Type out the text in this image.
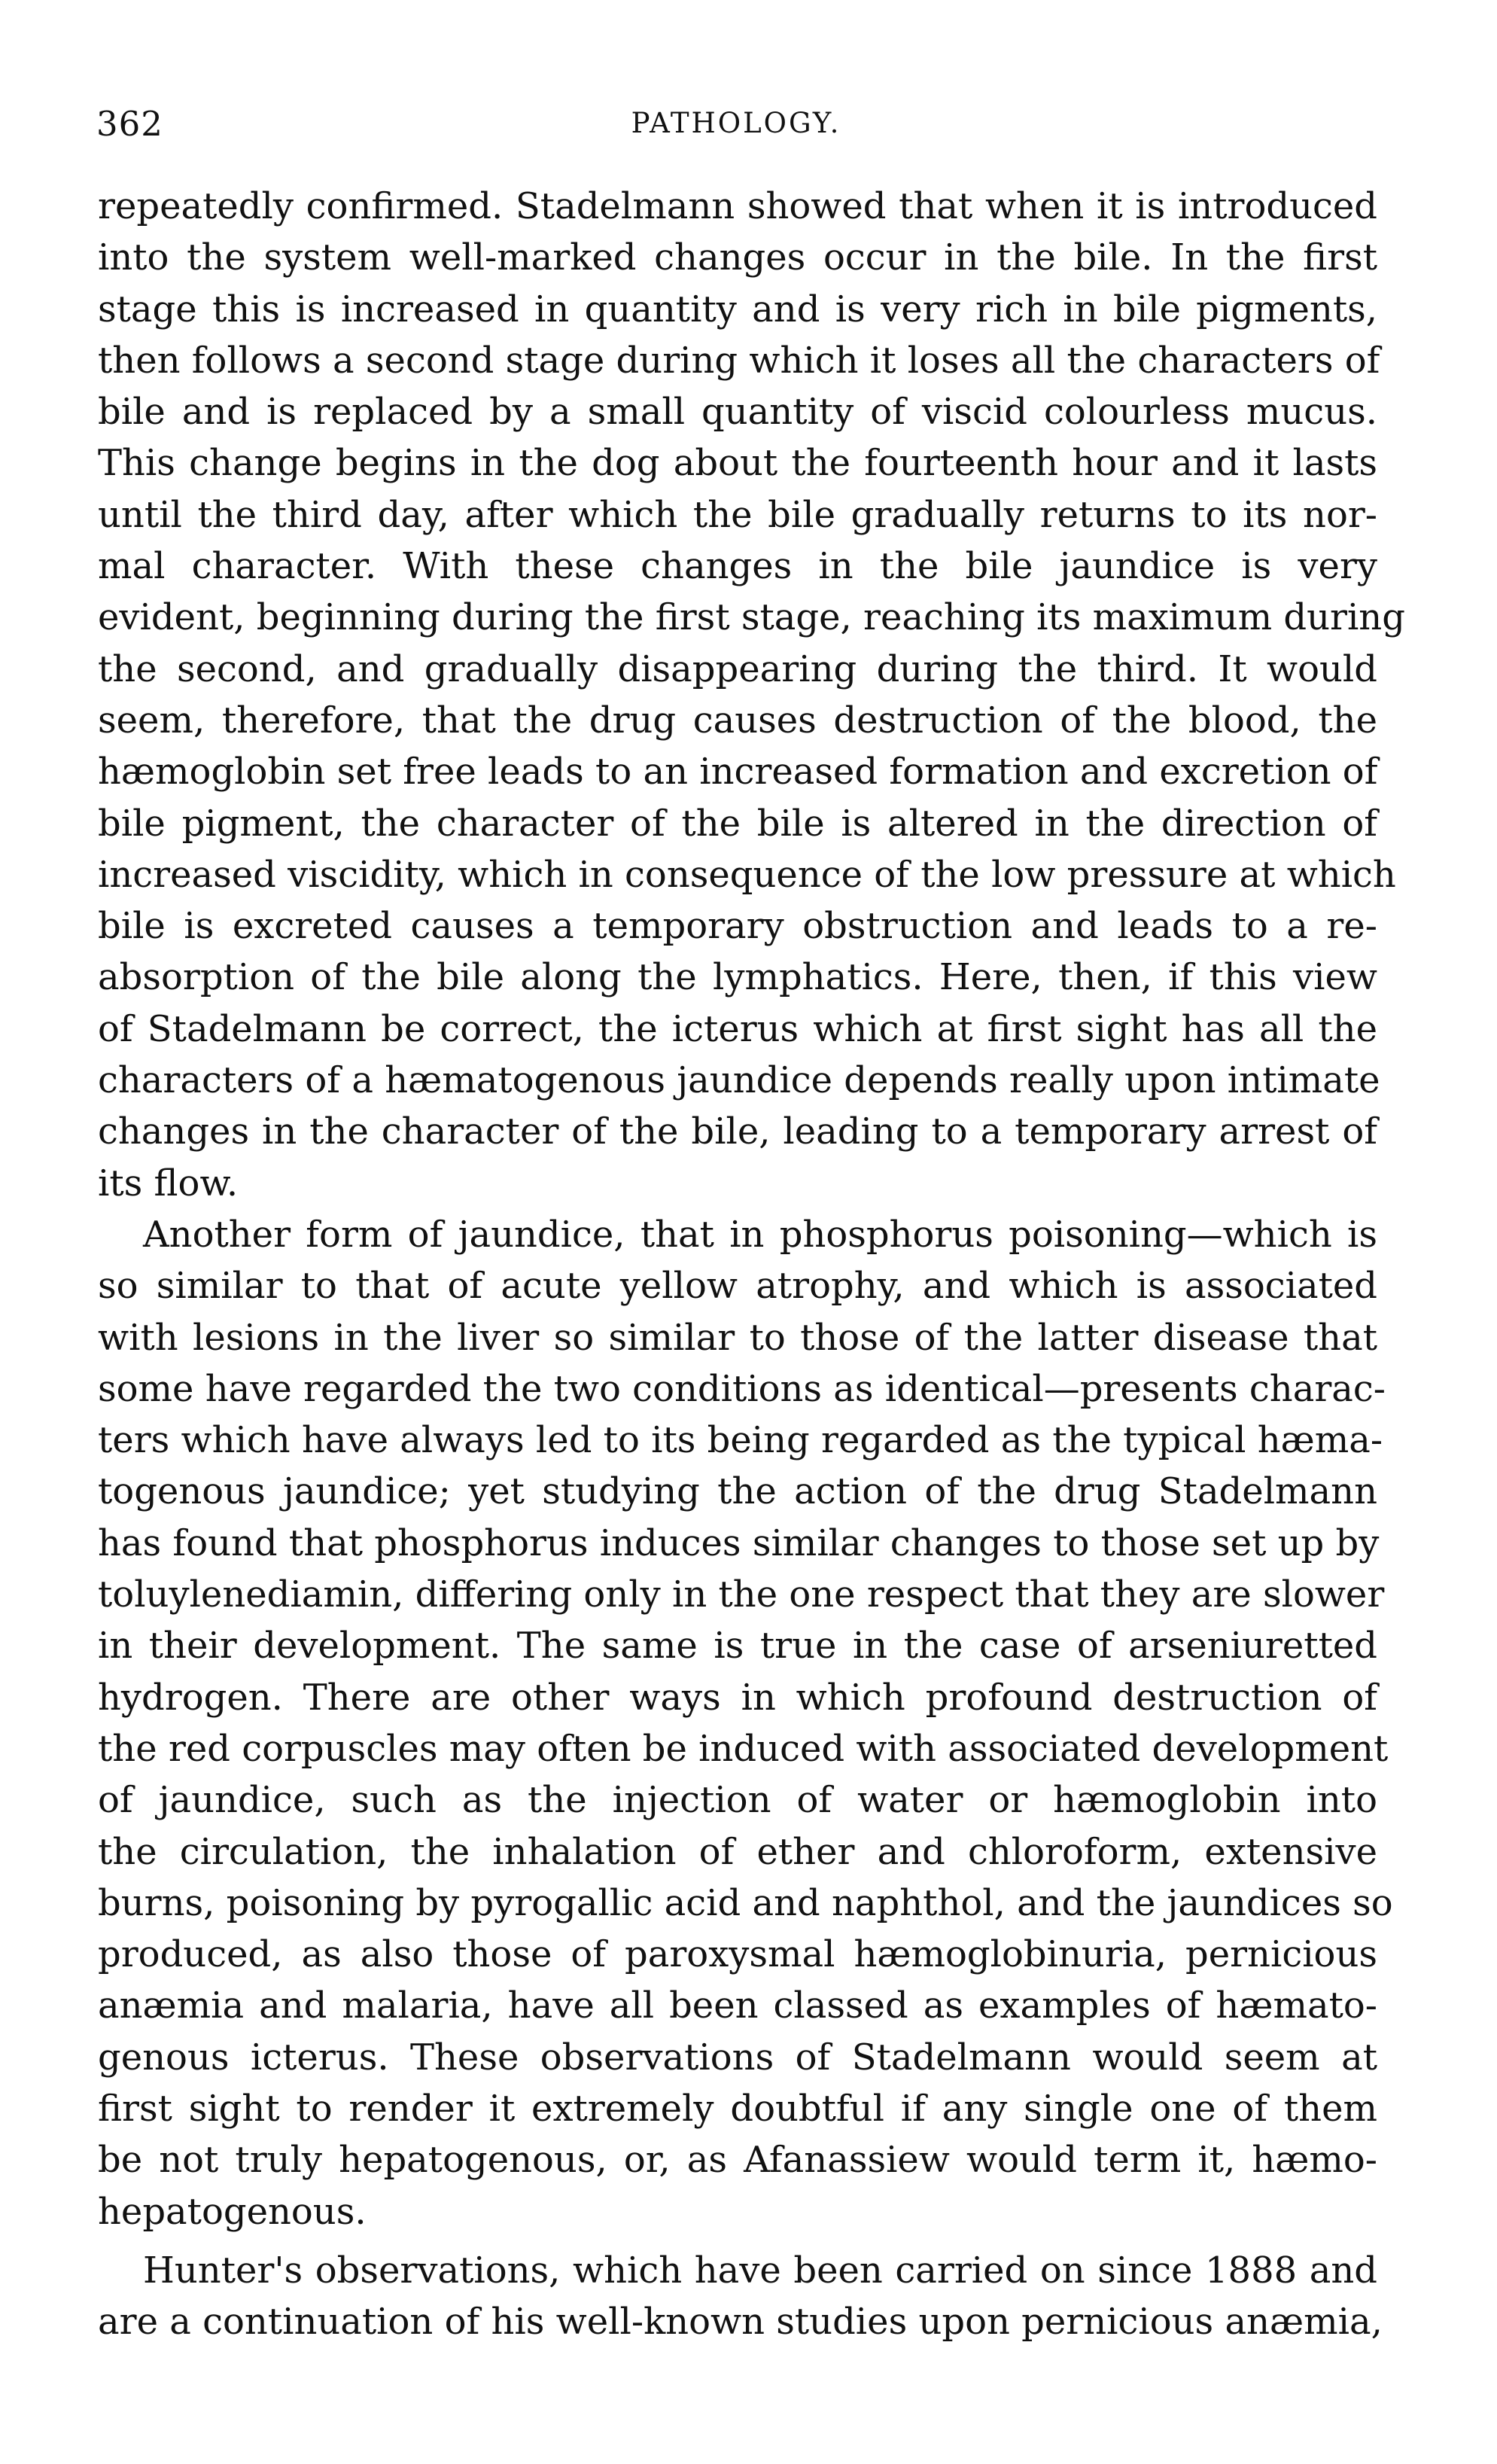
362	PATHOLOGY.
repeatedly confirmed. Stadelmann showed that when it is introduced
into the system well-marked changes occur in the bile. In the first
stage this is increased in quantity and is very rich in bile pigments,
then follows a second stage during which it loses all the characters of
bile and is replaced by a small quantity of viscid colourless mucus.
This change begins in the dog about the fourteenth hour and it lasts
until the third day, after which the bile gradually returns to its nor-
mal character. With these changes in the bile jaundice is very
evident, beginning during the first stage, reaching its maximum during
the second, and gradually disappearing during the third. It would
seem, therefore, that the drug causes destruction of the blood, the
hæmoglobin set free leads to an increased formation and excretion of
bile pigment, the character of the bile is altered in the direction of
increased viscidity, which in consequence of the low pressure at which
bile is excreted causes a temporary obstruction and leads to a re-
absorption of the bile along the lymphatics. Here, then, if this view
of Stadelmann be correct, the icterus which at first sight has all the
characters of a hæmatogenous jaundice depends really upon intimate
changes in the character of the bile, leading to a temporary arrest of
its flow.
Another form of jaundice, that in phosphorus poisoning—which is
so similar to that of acute yellow atrophy, and which is associated
with lesions in the liver so similar to those of the latter disease that
some have regarded the two conditions as identical—presents charac-
ters which have always led to its being regarded as the typical hæma-
togenous jaundice; yet studying the action of the drug Stadelmann
has found that phosphorus induces similar changes to those set up by
toluylenediamin, differing only in the one respect that they are slower
in their development. The same is true in the case of arseniuretted
hydrogen. There are other ways in which profound destruction of
the red corpuscles may often be induced with associated development
of jaundice, such as the injection of water or hæmoglobin into
the circulation, the inhalation of ether and chloroform, extensive
burns, poisoning by pyrogallic acid and naphthol, and the jaundices so
produced, as also those of paroxysmal hæmoglobinuria, pernicious
anæmia and malaria, have all been classed as examples of hæmato-
genous icterus. These observations of Stadelmann would seem at
first sight to render it extremely doubtful if any single one of them
be not truly hepatogenous, or, as Afanassiew would term it, hæmo-
hepatogenous.
Hunter's observations, which have been carried on since 1888 and
are a continuation of his well-known studies upon pernicious anæmia,
